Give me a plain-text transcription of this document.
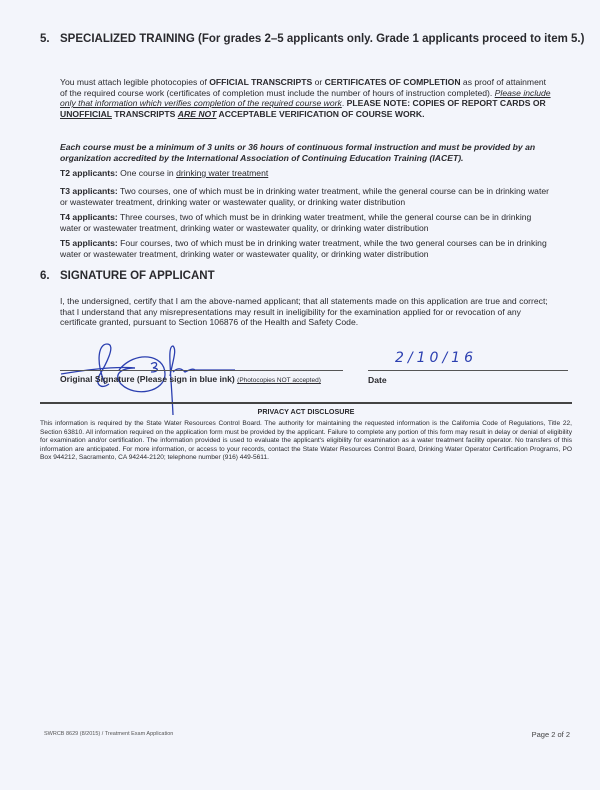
5. SPECIALIZED TRAINING (For grades 2–5 applicants only. Grade 1 applicants proceed to item 5.)
You must attach legible photocopies of OFFICIAL TRANSCRIPTS or CERTIFICATES OF COMPLETION as proof of attainment of the required course work (certificates of completion must include the number of hours of instruction completed). Please include only that information which verifies completion of the required course work. PLEASE NOTE: COPIES OF REPORT CARDS OR UNOFFICIAL TRANSCRIPTS ARE NOT ACCEPTABLE VERIFICATION OF COURSE WORK.
Each course must be a minimum of 3 units or 36 hours of continuous formal instruction and must be provided by an organization accredited by the International Association of Continuing Education Training (IACET).
T2 applicants: One course in drinking water treatment
T3 applicants: Two courses, one of which must be in drinking water treatment, while the general course can be in drinking water or wastewater treatment, drinking water or wastewater quality, or drinking water distribution
T4 applicants: Three courses, two of which must be in drinking water treatment, while the general course can be in drinking water or wastewater treatment, drinking water or wastewater quality, or drinking water distribution
T5 applicants: Four courses, two of which must be in drinking water treatment, while the two general courses can be in drinking water or wastewater treatment, drinking water or wastewater quality, or drinking water distribution
6. SIGNATURE OF APPLICANT
I, the undersigned, certify that I am the above-named applicant; that all statements made on this application are true and correct; that I understand that any misrepresentations may result in ineligibility for the examination applied for or revocation of any certificate granted, pursuant to Section 106876 of the Health and Safety Code.
Original Signature (Please sign in blue ink) (Photocopies NOT accepted)
2/10/16
Date
PRIVACY ACT DISCLOSURE
This information is required by the State Water Resources Control Board. The authority for maintaining the requested information is the California Code of Regulations, Title 22, Section 63810. All information required on the application form must be provided by the applicant. Failure to complete any portion of this form may result in delay or denial of eligibility for examination and/or certification. The information provided is used to evaluate the applicant's eligibility for examination as a water treatment facility operator. No transfers of this information are anticipated. For more information, or access to your records, contact the State Water Resources Control Board, Drinking Water Operator Certification Programs, PO Box 944212, Sacramento, CA 94244-2120; telephone number (916) 449-5611.
SWRCB 8629 (8/2015) / Treatment Exam Application	Page 2 of 2
